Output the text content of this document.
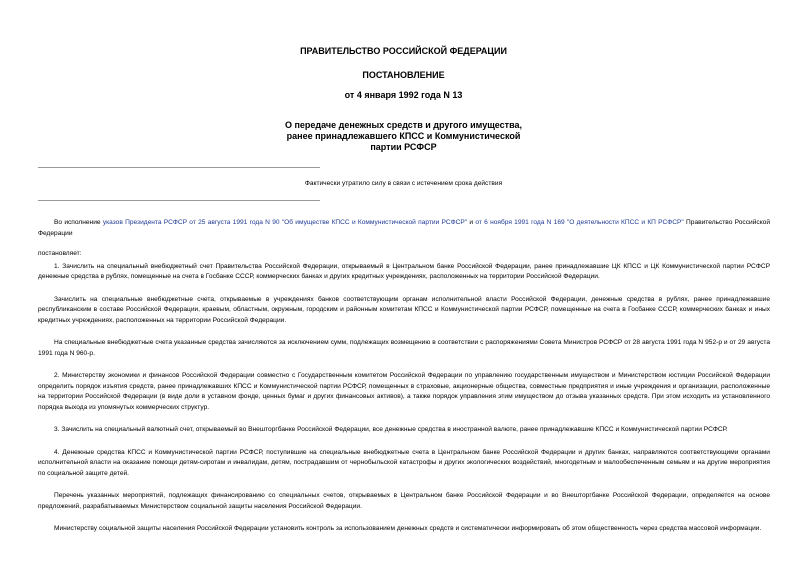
ПРАВИТЕЛЬСТВО РОССИЙСКОЙ ФЕДЕРАЦИИ
ПОСТАНОВЛЕНИЕ
от 4 января 1992 года N 13
О передаче денежных средств и другого имущества,
ранее принадлежавшего КПСС и Коммунистической
партии РСФСР
Фактически утратило силу в связи с истечением срока действия

Во исполнение указов Президента РСФСР от 25 августа 1991 года N 90 "Об имуществе КПСС и Коммунистической партии РСФСР" и от 6 ноября 1991 года N 169 "О деятельности КПСС и КП РСФСР" Правительство Российской Федерации

постановляет:

1. Зачислить на специальный внебюджетный счет Правительства Российской Федерации, открываемый в Центральном банке Российской Федерации, ранее принадлежавшие ЦК КПСС и ЦК Коммунистической партии РСФСР денежные средства в рублях, помещенные на счета в Госбанке СССР, коммерческих банках и других кредитных учреждениях, расположенных на территории Российской Федерации.

Зачислить на специальные внебюджетные счета, открываемые в учреждениях банков соответствующим органам исполнительной власти Российской Федерации, денежные средства в рублях, ранее принадлежавшие республиканским в составе Российской Федерации, краевым, областным, окружным, городским и районным комитетам КПСС и Коммунистической партии РСФСР, помещенные на счета в Госбанке СССР, коммерческих банках и иных кредитных учреждениях, расположенных на территории Российской Федерации.

На специальные внебюджетные счета указанные средства зачисляются за исключением сумм, подлежащих возмещению в соответствии с распоряжениями Совета Министров РСФСР от 28 августа 1991 года N 952-р и от 29 августа 1991 года N 960-р.

2. Министерству экономики и финансов Российской Федерации совместно с Государственным комитетом Российской Федерации по управлению государственным имуществом и Министерством юстиции Российской Федерации определить порядок изъятия средств, ранее принадлежавших КПСС и Коммунистической партии РСФСР, помещенных в страховые, акционерные общества, совместные предприятия и иные учреждения и организации, расположенные на территории Российской Федерации (в виде доли в уставном фонде, ценных бумаг и других финансовых активов), а также порядок управления этим имуществом до отзыва указанных средств. При этом исходить из установленного порядка выхода из упомянутых коммерческих структур.

3. Зачислить на специальный валютный счет, открываемый во Внешторгбанке Российской Федерации, все денежные средства в иностранной валюте, ранее принадлежавшие КПСС и Коммунистической партии РСФСР.

4. Денежные средства КПСС и Коммунистической партии РСФСР, поступившие на специальные внебюджетные счета в Центральном банке Российской Федерации и других банках, направляются соответствующими органами исполнительной власти на оказание помощи детям-сиротам и инвалидам, детям, пострадавшим от чернобыльской катастрофы и других экологических воздействий, многодетным и малообеспеченным семьям и на другие мероприятия по социальной защите детей.

Перечень указанных мероприятий, подлежащих финансированию со специальных счетов, открываемых в Центральном банке Российской Федерации и во Внешторгбанке Российской Федерации, определяется на основе предложений, разрабатываемых Министерством социальной защиты населения Российской Федерации.

Министерству социальной защиты населения Российской Федерации установить контроль за использованием денежных средств и систематически информировать об этом общественность через средства массовой информации.
